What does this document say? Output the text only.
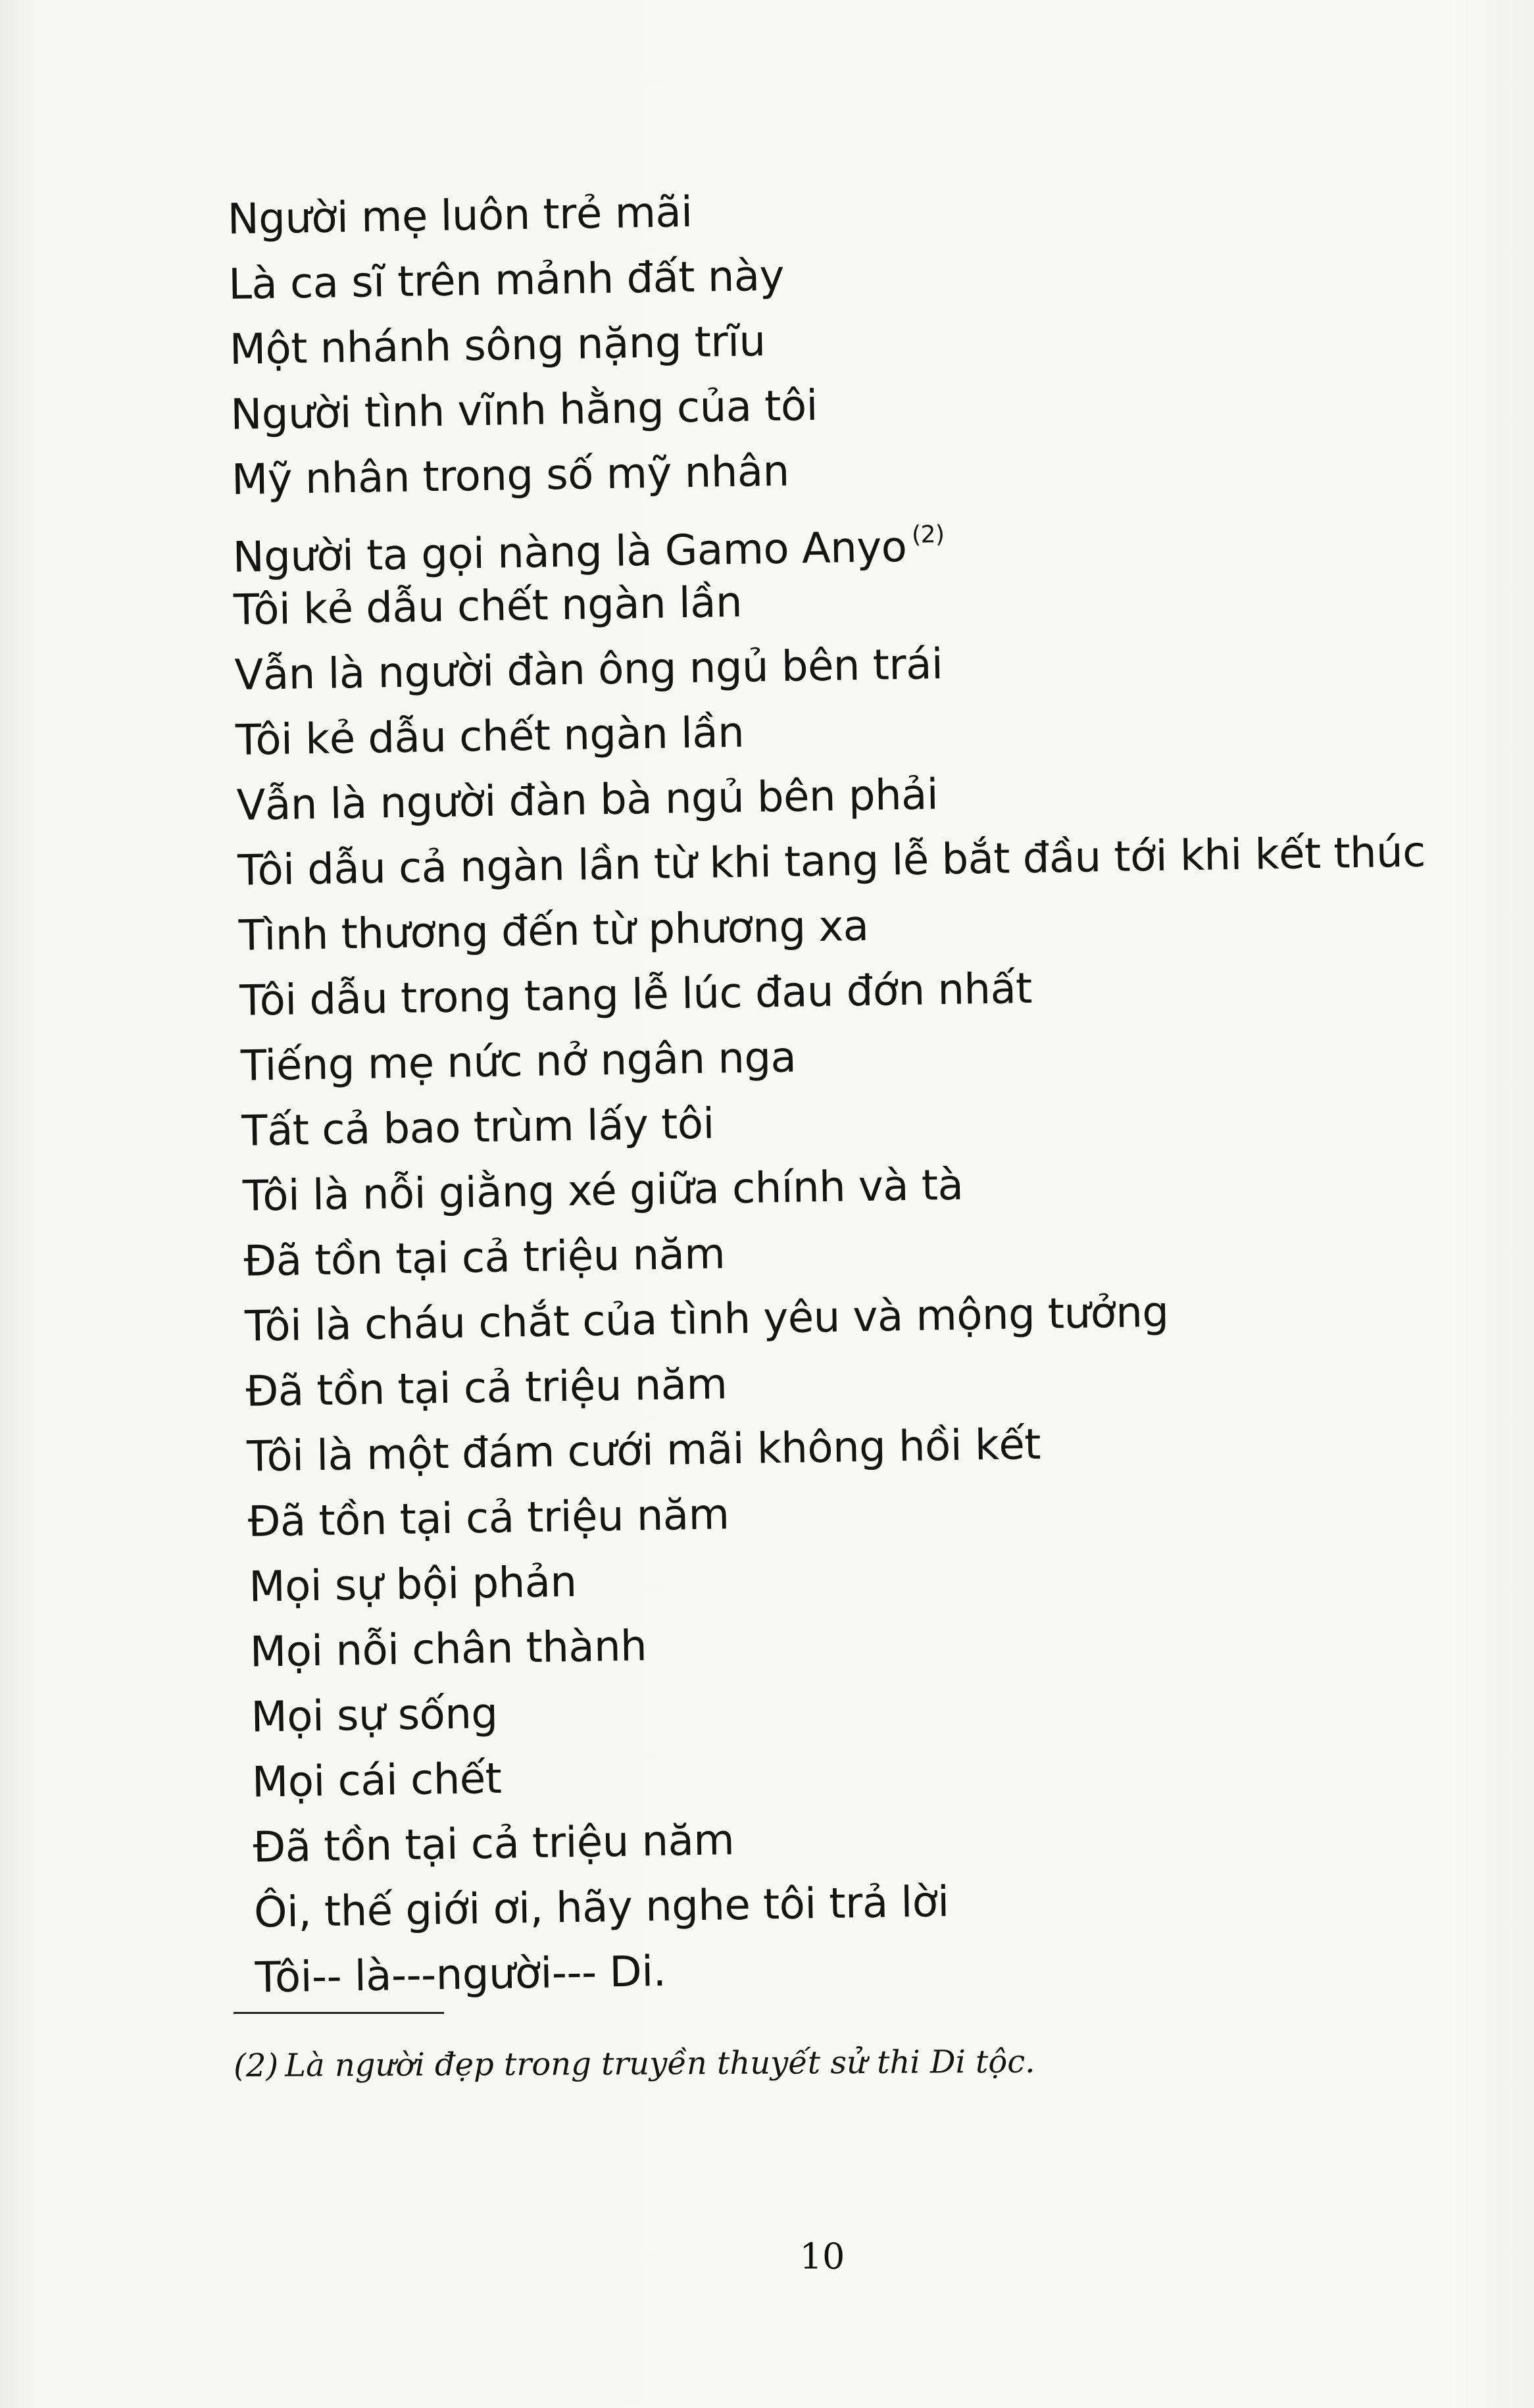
Người mẹ luôn trẻ mãi
Là ca sĩ trên mảnh đất này
Một nhánh sông nặng trĩu
Người tình vĩnh hằng của tôi
Mỹ nhân trong số mỹ nhân
Người ta gọi nàng là Gamo Anyo $^{(2)}$
Tôi kẻ dẫu chết ngàn lần
Vẫn là người đàn ông ngủ bên trái
Tôi kẻ dẫu chết ngàn lần
Vẫn là người đàn bà ngủ bên phải
Tôi dẫu cả ngàn lần từ khi tang lễ bắt đầu tới khi kết thúc
Tình thương đến từ phương xa
Tôi dẫu trong tang lễ lúc đau đớn nhất
Tiếng mẹ nức nở ngân nga
Tất cả bao trùm lấy tôi
Tôi là nỗi giằng xé giữa chính và tà
Đã tồn tại cả triệu năm
Tôi là cháu chắt của tình yêu và mộng tưởng
Đã tồn tại cả triệu năm
Tôi là một đám cưới mãi không hồi kết
Đã tồn tại cả triệu năm
Mọi sự bội phản
Mọi nỗi chân thành
Mọi sự sống
Mọi cái chết
Đã tồn tại cả triệu năm
Ôi, thế giới ơi, hãy nghe tôi trả lời
Tôi-- là---người--- Di.
(2) Là người đẹp trong truyền thuyết sử thi Di tộc.
10
